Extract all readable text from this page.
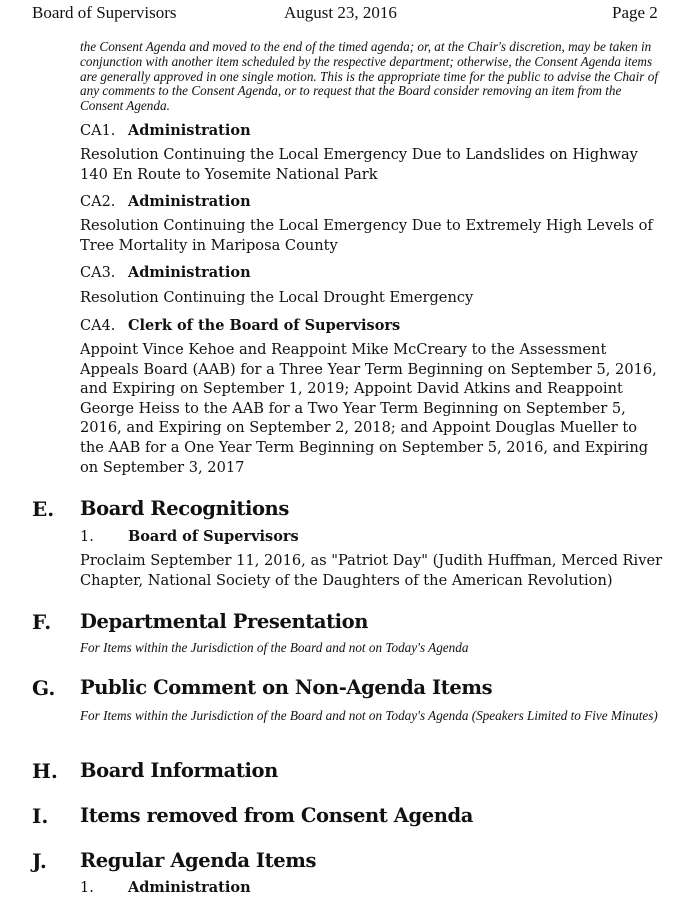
Board of Supervisors	August 23, 2016	Page 2

the Consent Agenda and moved to the end of the timed agenda; or, at the Chair's discretion, may be taken in conjunction with another item scheduled by the respective department; otherwise, the Consent Agenda items are generally approved in one single motion. This is the appropriate time for the public to advise the Chair of any comments to the Consent Agenda, or to request that the Board consider removing an item from the Consent Agenda.

CA1. Administration

Resolution Continuing the Local Emergency Due to Landslides on Highway 140 En Route to Yosemite National Park

CA2. Administration

Resolution Continuing the Local Emergency Due to Extremely High Levels of Tree Mortality in Mariposa County

CA3. Administration

Resolution Continuing the Local Drought Emergency

CA4. Clerk of the Board of Supervisors

Appoint Vince Kehoe and Reappoint Mike McCreary to the Assessment Appeals Board (AAB) for a Three Year Term Beginning on September 5, 2016, and Expiring on September 1, 2019; Appoint David Atkins and Reappoint George Heiss to the AAB for a Two Year Term Beginning on September 5, 2016, and Expiring on September 2, 2018; and Appoint Douglas Mueller to the AAB for a One Year Term Beginning on September 5, 2016, and Expiring on September 3, 2017

E. Board Recognitions
1. Board of Supervisors

Proclaim September 11, 2016, as "Patriot Day" (Judith Huffman, Merced River Chapter, National Society of the Daughters of the American Revolution)

F. Departmental Presentation

For Items within the Jurisdiction of the Board and not on Today's Agenda

G. Public Comment on Non-Agenda Items

For Items within the Jurisdiction of the Board and not on Today's Agenda (Speakers Limited to Five Minutes)

H. Board Information
I. Items removed from Consent Agenda
J. Regular Agenda Items
1. Administration
